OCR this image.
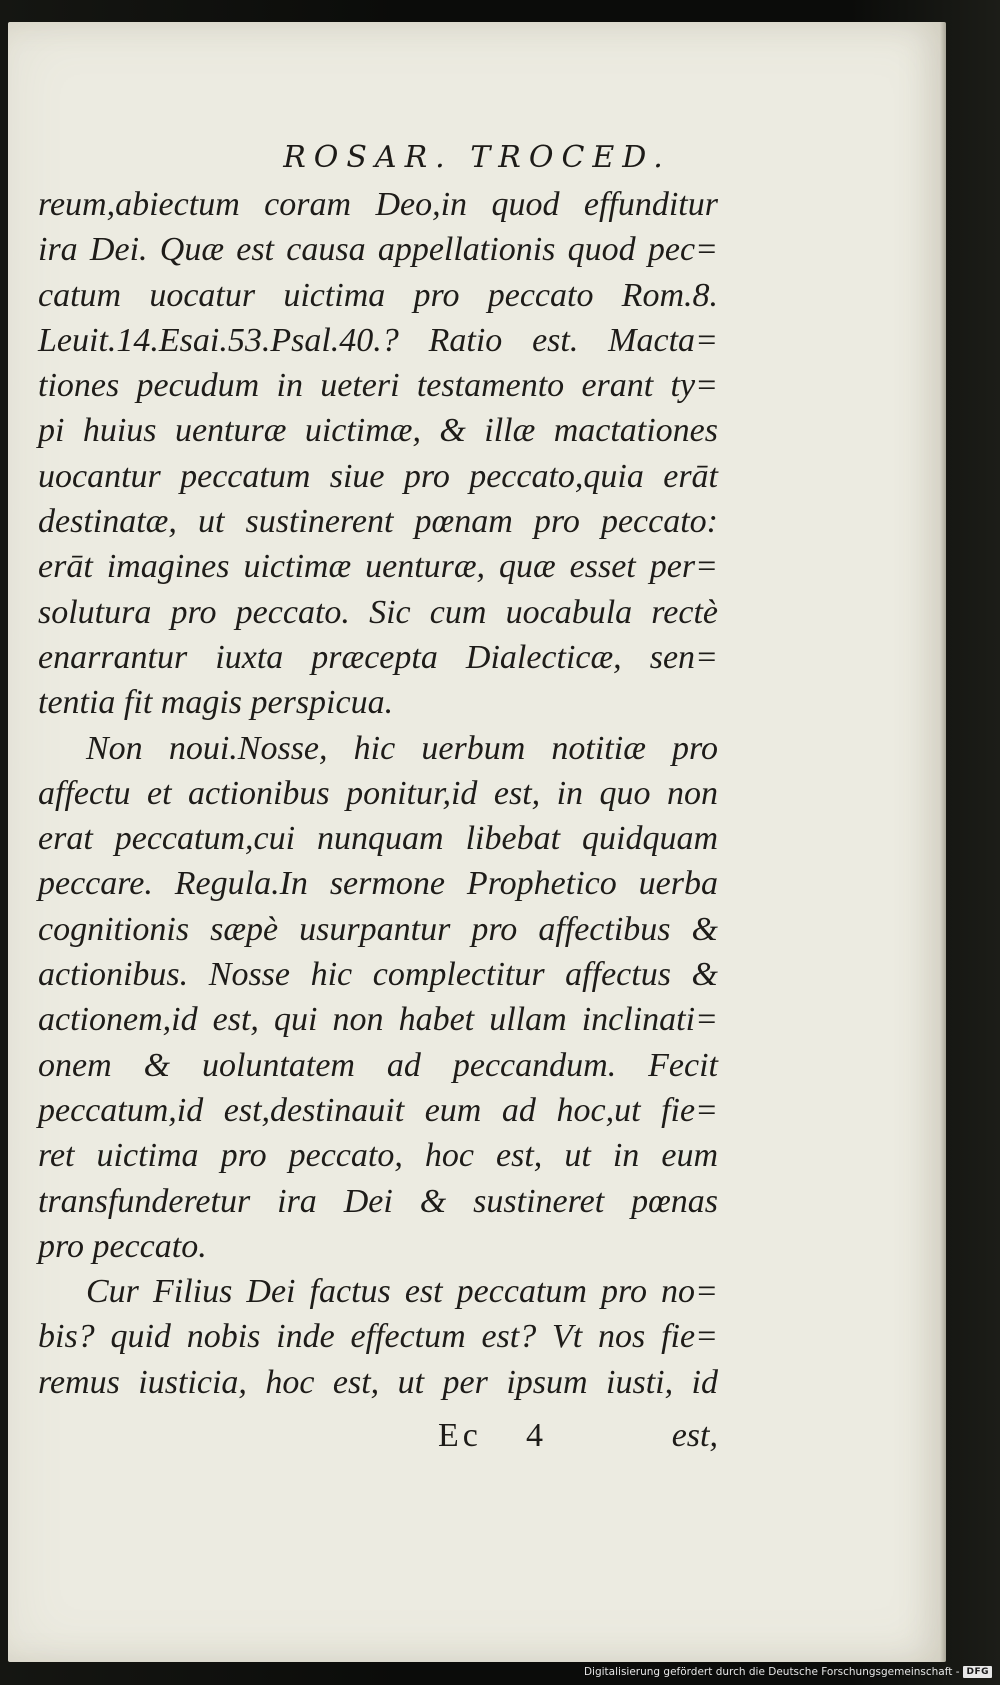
ROSAR. TROCED.
reum,abiectum coram Deo,in quod effunditur
ira Dei. Quæ est causa appellationis quod pec=
catum uocatur uictima pro peccato Rom.8.
Leuit.14.Esai.53.Psal.40.? Ratio est. Macta=
tiones pecudum in ueteri testamento erant ty=
pi huius uenturæ uictimæ, & illæ mactationes
uocantur peccatum siue pro peccato,quia erāt
destinatæ, ut sustinerent pœnam pro peccato:
erāt imagines uictimæ uenturæ, quæ esset per=
solutura pro peccato. Sic cum uocabula rectè
enarrantur iuxta præcepta Dialecticæ, sen=
tentia fit magis perspicua.
Non noui.Nosse, hic uerbum notitiæ pro
affectu et actionibus ponitur,id est, in quo non
erat peccatum,cui nunquam libebat quidquam
peccare. Regula.In sermone Prophetico uerba
cognitionis sæpè usurpantur pro affectibus &
actionibus. Nosse hic complectitur affectus &
actionem,id est, qui non habet ullam inclinati=
onem & uoluntatem ad peccandum. Fecit
peccatum,id est,destinauit eum ad hoc,ut fie=
ret uictima pro peccato, hoc est, ut in eum
transfunderetur ira Dei & sustineret pœnas
pro peccato.
Cur Filius Dei factus est peccatum pro no=
bis? quid nobis inde effectum est? Vt nos fie=
remus iusticia, hoc est, ut per ipsum iusti, id
Ec 4	est,
Digitalisierung gefördert durch die Deutsche Forschungsgemeinschaft - DFG
